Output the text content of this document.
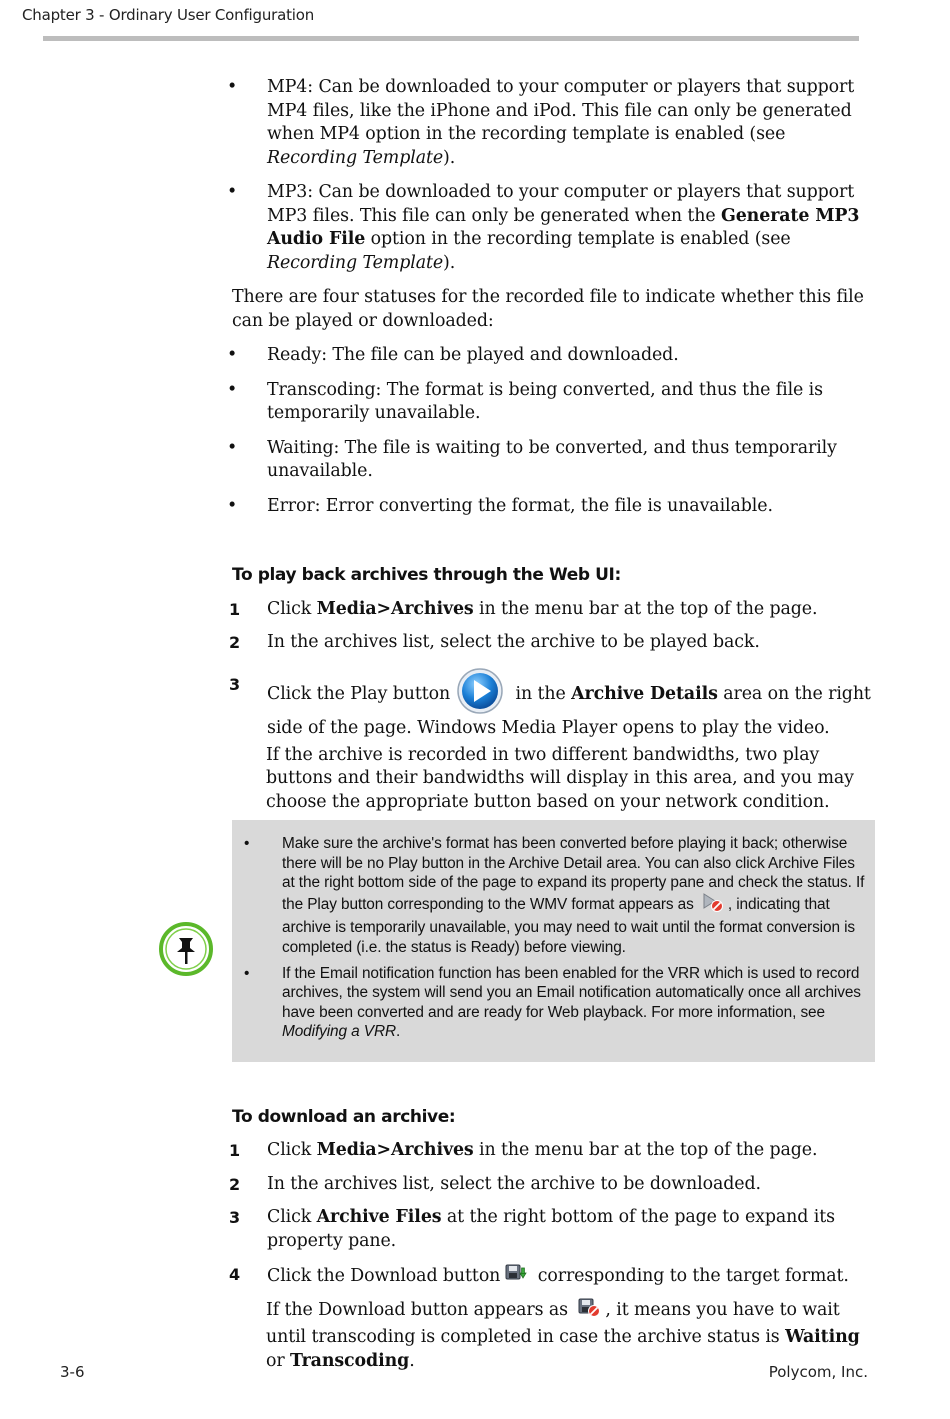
Chapter 3 - Ordinary User Configuration
• MP4: Can be downloaded to your computer or players that support MP4 files, like the iPhone and iPod. This file can only be generated when MP4 option in the recording template is enabled (see Recording Template).
• MP3: Can be downloaded to your computer or players that support MP3 files. This file can only be generated when the Generate MP3 Audio File option in the recording template is enabled (see Recording Template).
There are four statuses for the recorded file to indicate whether this file can be played or downloaded:
• Ready: The file can be played and downloaded.
• Transcoding: The format is being converted, and thus the file is temporarily unavailable.
• Waiting: The file is waiting to be converted, and thus temporarily unavailable.
• Error: Error converting the format, the file is unavailable.
To play back archives through the Web UI:
1 Click Media>Archives in the menu bar at the top of the page.
2 In the archives list, select the archive to be played back.
3 Click the Play button	in the Archive Details area on the right side of the page. Windows Media Player opens to play the video.
If the archive is recorded in two different bandwidths, two play buttons and their bandwidths will display in this area, and you may choose the appropriate button based on your network condition.
• Make sure the archive's format has been converted before playing it back; otherwise there will be no Play button in the Archive Detail area. You can also click Archive Files at the right bottom side of the page to expand its property pane and check the status. If the Play button corresponding to the WMV format appears as , indicating that archive is temporarily unavailable, you may need to wait until the format conversion is completed (i.e. the status is Ready) before viewing.
• If the Email notification function has been enabled for the VRR which is used to record archives, the system will send you an Email notification automatically once all archives have been converted and are ready for Web playback. For more information, see Modifying a VRR.
To download an archive:
1 Click Media>Archives in the menu bar at the top of the page.
2 In the archives list, select the archive to be downloaded.
3 Click Archive Files at the right bottom of the page to expand its property pane.
4 Click the Download button corresponding to the target format.
If the Download button appears as , it means you have to wait until transcoding is completed in case the archive status is Waiting or Transcoding.
3-6	Polycom, Inc.
